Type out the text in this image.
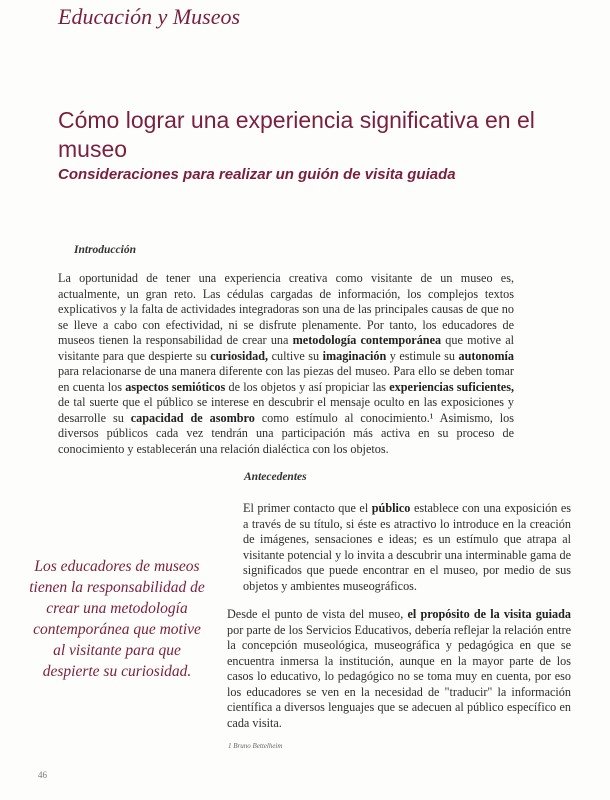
Educación y Museos
Cómo lograr una experiencia significativa en el museo
Consideraciones para realizar un guión de visita guiada
Introducción

La oportunidad de tener una experiencia creativa como visitante de un museo es, actualmente, un gran reto. Las cédulas cargadas de información, los complejos textos explicativos y la falta de actividades integradoras son una de las principales causas de que no se lleve a cabo con efectividad, ni se disfrute plenamente. Por tanto, los educadores de museos tienen la responsabilidad de crear una metodología contemporánea que motive al visitante para que despierte su curiosidad, cultive su imaginación y estimule su autonomía para relacionarse de una manera diferente con las piezas del museo. Para ello se deben tomar en cuenta los aspectos semióticos de los objetos y así propiciar las experiencias suficientes, de tal suerte que el público se interese en descubrir el mensaje oculto en las exposiciones y desarrolle su capacidad de asombro como estímulo al conocimiento.¹ Asimismo, los diversos públicos cada vez tendrán una participación más activa en su proceso de conocimiento y establecerán una relación dialéctica con los objetos.

Antecedentes

El primer contacto que el público establece con una exposición es a través de su título, si éste es atractivo lo introduce en la creación de imágenes, sensaciones e ideas; es un estímulo que atrapa al visitante potencial y lo invita a descubrir una interminable gama de significados que puede encontrar en el museo, por medio de sus objetos y ambientes museográficos.

Desde el punto de vista del museo, el propósito de la visita guiada por parte de los Servicios Educativos, debería reflejar la relación entre la concepción museológica, museográfica y pedagógica en que se encuentra inmersa la institución, aunque en la mayor parte de los casos lo educativo, lo pedagógico no se toma muy en cuenta, por eso los educadores se ven en la necesidad de "traducir" la información científica a diversos lenguajes que se adecuen al público específico en cada visita.

Los educadores de museos tienen la responsabilidad de crear una metodología contemporánea que motive al visitante para que despierte su curiosidad.

1 Bruno Bettelheim

46
